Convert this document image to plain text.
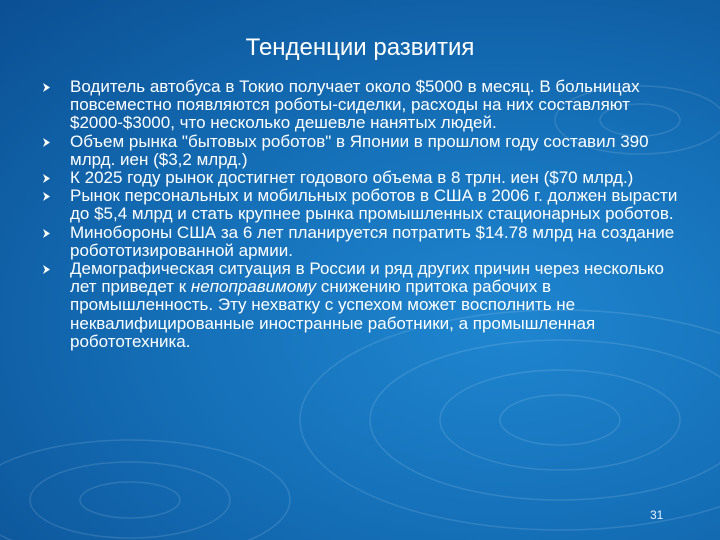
Тенденции развития
Водитель автобуса в Токио получает около $5000 в месяц. В больницах повсеместно появляются роботы-сиделки, расходы на них составляют $2000-$3000, что несколько дешевле нанятых людей.
Объем рынка "бытовых роботов" в Японии в прошлом году составил 390 млрд. иен ($3,2 млрд.)
К 2025 году рынок достигнет годового объема в 8 трлн. иен ($70 млрд.)
Рынок персональных и мобильных роботов в США в 2006 г. должен вырасти до $5,4 млрд и стать крупнее рынка промышленных стационарных роботов.
Минобороны США за 6 лет планируется потратить $14.78 млрд на создание робототизированной армии.
Демографическая ситуация в России и ряд других причин через несколько лет приведет к непоправимому снижению притока рабочих в промышленность. Эту нехватку с успехом может восполнить не неквалифицированные иностранные работники, а промышленная робототехника.
31
